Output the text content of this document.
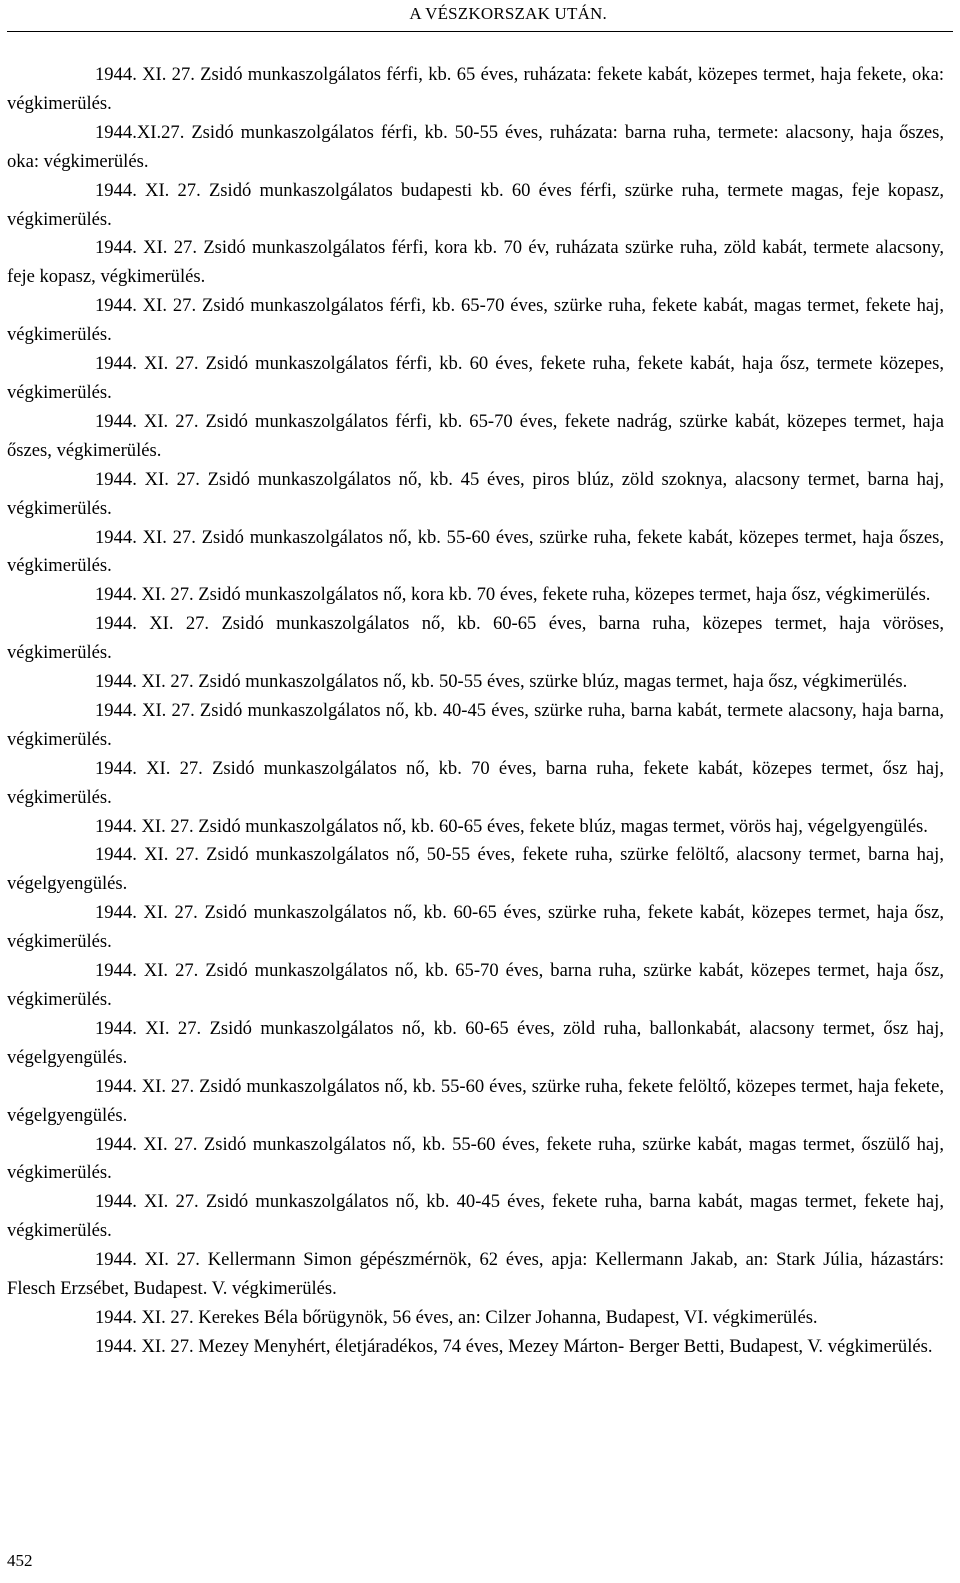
A VÉSZKORSZAK UTÁN.

1944. XI. 27. Zsidó munkaszolgálatos férfi, kb. 65 éves, ruházata: fekete kabát, közepes termet, haja fekete, oka: végkimerülés.

1944.XI.27. Zsidó munkaszolgálatos férfi, kb. 50-55 éves, ruházata: barna ruha, termete: alacsony, haja őszes, oka: végkimerülés.

1944. XI. 27. Zsidó munkaszolgálatos budapesti kb. 60 éves férfi, szürke ruha, termete magas, feje kopasz, végkimerülés.

1944. XI. 27. Zsidó munkaszolgálatos férfi, kora kb. 70 év, ruházata szürke ruha, zöld kabát, termete alacsony, feje kopasz, végkimerülés.

1944. XI. 27. Zsidó munkaszolgálatos férfi, kb. 65-70 éves, szürke ruha, fekete kabát, magas termet, fekete haj, végkimerülés.

1944. XI. 27. Zsidó munkaszolgálatos férfi, kb. 60 éves, fekete ruha, fekete kabát, haja ősz, termete közepes, végkimerülés.

1944. XI. 27. Zsidó munkaszolgálatos férfi, kb. 65-70 éves, fekete nadrág, szürke kabát, közepes termet, haja őszes, végkimerülés.

1944. XI. 27. Zsidó munkaszolgálatos nő, kb. 45 éves, piros blúz, zöld szoknya, alacsony termet, barna haj, végkimerülés.

1944. XI. 27. Zsidó munkaszolgálatos nő, kb. 55-60 éves, szürke ruha, fekete kabát, közepes termet, haja őszes, végkimerülés.

1944. XI. 27. Zsidó munkaszolgálatos nő, kora kb. 70 éves, fekete ruha, közepes termet, haja ősz, végkimerülés.

1944. XI. 27. Zsidó munkaszolgálatos nő, kb. 60-65 éves, barna ruha, közepes termet, haja vöröses, végkimerülés.

1944. XI. 27. Zsidó munkaszolgálatos nő, kb. 50-55 éves, szürke blúz, magas termet, haja ősz, végkimerülés.

1944. XI. 27. Zsidó munkaszolgálatos nő, kb. 40-45 éves, szürke ruha, barna kabát, termete alacsony, haja barna, végkimerülés.

1944. XI. 27. Zsidó munkaszolgálatos nő, kb. 70 éves, barna ruha, fekete kabát, közepes termet, ősz haj, végkimerülés.

1944. XI. 27. Zsidó munkaszolgálatos nő, kb. 60-65 éves, fekete blúz, magas termet, vörös haj, végelgyengülés.

1944. XI. 27. Zsidó munkaszolgálatos nő, 50-55 éves, fekete ruha, szürke felöltő, alacsony termet, barna haj, végelgyengülés.

1944. XI. 27. Zsidó munkaszolgálatos nő, kb. 60-65 éves, szürke ruha, fekete kabát, közepes termet, haja ősz, végkimerülés.

1944. XI. 27. Zsidó munkaszolgálatos nő, kb. 65-70 éves, barna ruha, szürke kabát, közepes termet, haja ősz, végkimerülés.

1944. XI. 27. Zsidó munkaszolgálatos nő, kb. 60-65 éves, zöld ruha, ballonkabát, alacsony termet, ősz haj, végelgyengülés.

1944. XI. 27. Zsidó munkaszolgálatos nő, kb. 55-60 éves, szürke ruha, fekete felöltő, közepes termet, haja fekete, végelgyengülés.

1944. XI. 27. Zsidó munkaszolgálatos nő, kb. 55-60 éves, fekete ruha, szürke kabát, magas termet, őszülő haj, végkimerülés.

1944. XI. 27. Zsidó munkaszolgálatos nő, kb. 40-45 éves, fekete ruha, barna kabát, magas termet, fekete haj, végkimerülés.

1944. XI. 27. Kellermann Simon gépészmérnök, 62 éves, apja: Kellermann Jakab, an: Stark Júlia, házastárs: Flesch Erzsébet, Budapest. V. végkimerülés.

1944. XI. 27. Kerekes Béla bőrügynök, 56 éves, an: Cilzer Johanna, Budapest, VI. végkimerülés.

1944. XI. 27. Mezey Menyhért, életjáradékos, 74 éves, Mezey Márton- Berger Betti, Budapest, V. végkimerülés.

452
